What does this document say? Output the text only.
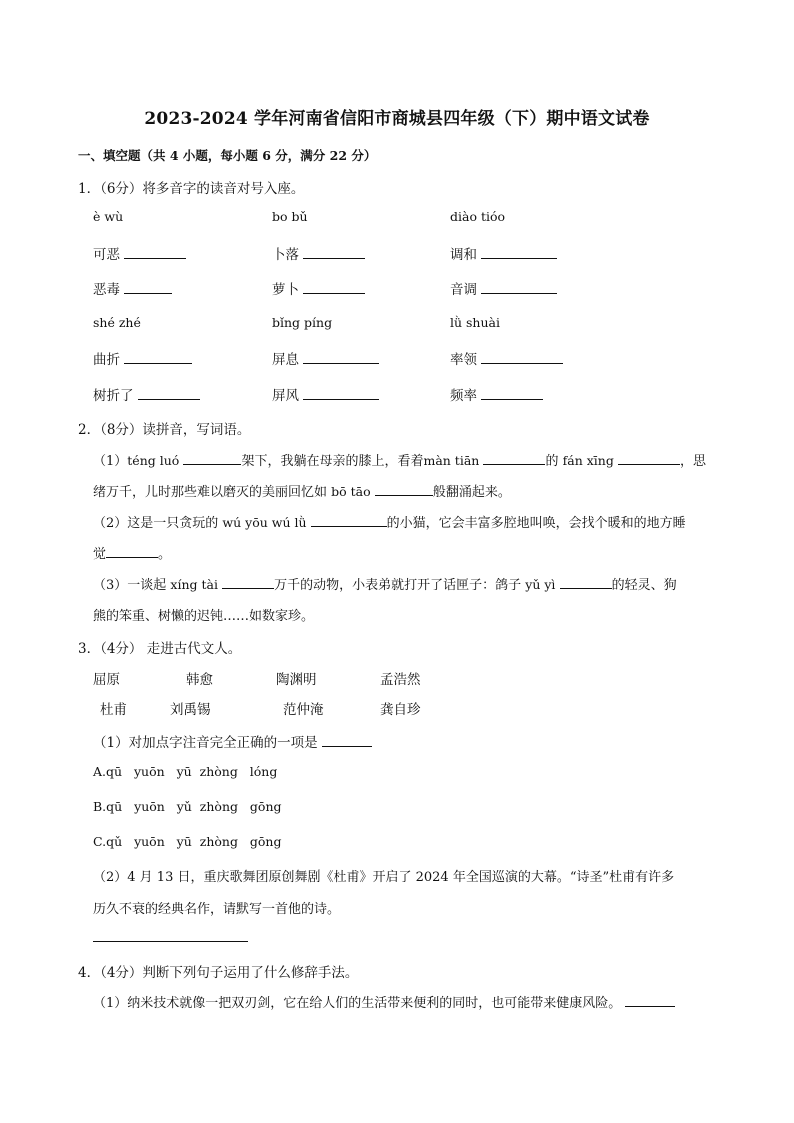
2023-2024 学年河南省信阳市商城县四年级（下）期中语文试卷
一、填空题（共 4 小题，每小题 6 分，满分 22 分）
1．（6分）将多音字的读音对号入座。
è wù	bo bǔ	diào tióo
可恶	卜落	调和
恶毒	萝卜	音调
shé zhé	bǐng píng	lǜ shuài
曲折	屏息	率领
树折了	屏风	频率
2．（8分）读拼音，写词语。
（1）téng luó	架下，我躺在母亲的膝上，看着màn tiān	的 fán xīng	，思
绪万千，儿时那些难以磨灭的美丽回忆如 bō tāo	般翻涌起来。
（2）这是一只贪玩的 wú yōu wú lǜ	的小猫，它会丰富多腔地叫唤，会找个暖和的地方睡
觉	。
（3）一谈起 xíng tài	万千的动物，小表弟就打开了话匣子：鸽子 yǔ yì	的轻灵、狗
熊的笨重、树懒的迟钝……如数家珍。
3．（4分） 走进古代文人。
屈原	韩愈	陶渊明	孟浩然
杜甫	刘禹锡	范仲淹	龚自珍
（1）对加点字注音完全正确的一项是
A.qū   yuōn   yū  zhòng   lóng
B.qū   yuōn   yǔ  zhòng   gōng
C.qǔ   yuōn   yū  zhòng   gōng
（2）4 月 13 日，重庆歌舞团原创舞剧《杜甫》开启了 2024 年全国巡演的大幕。“诗圣”杜甫有许多
历久不衰的经典名作，请默写一首他的诗。
4．（4分）判断下列句子运用了什么修辞手法。
（1）纳米技术就像一把双刃剑，它在给人们的生活带来便利的同时，也可能带来健康风险。
